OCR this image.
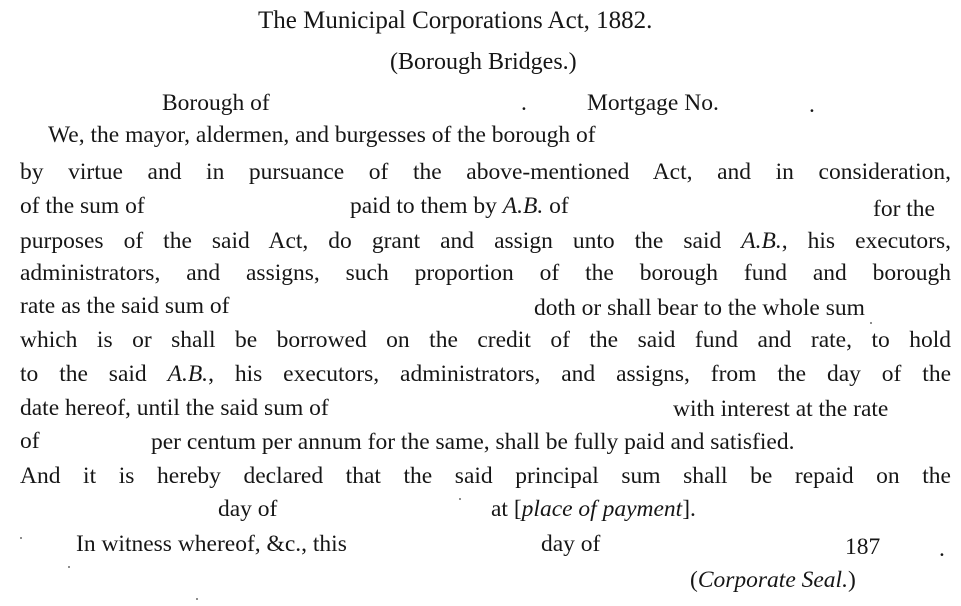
The Municipal Corporations Act, 1882.
(Borough Bridges.)
Borough of	.	Mortgage No.	.
We, the mayor, aldermen, and burgesses of the borough of
by virtue and in pursuance of the above-mentioned Act, and in consideration,
of the sum of	paid to them by A.B. of	for the
purposes of the said Act, do grant and assign unto the said A.B., his executors,
administrators, and assigns, such proportion of the borough fund and borough
rate as the said sum of	doth or shall bear to the whole sum
which is or shall be borrowed on the credit of the said fund and rate, to hold
to the said A.B., his executors, administrators, and assigns, from the day of the
date hereof, until the said sum of	with interest at the rate
of	per centum per annum for the same, shall be fully paid and satisfied.
And it is hereby declared that the said principal sum shall be repaid on the
day of	at [place of payment].
In witness whereof, &c., this	day of	187	.
(Corporate Seal.)
